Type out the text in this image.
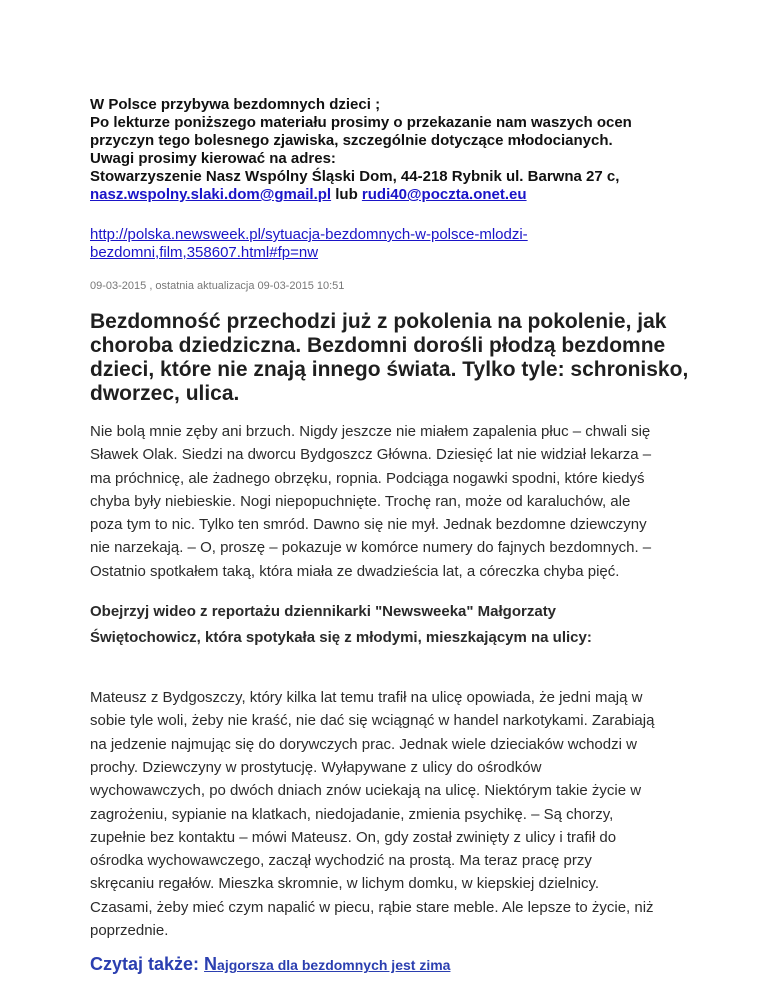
W Polsce przybywa bezdomnych dzieci ;
Po lekturze poniższego materiału prosimy o przekazanie nam waszych ocen
przyczyn tego bolesnego zjawiska, szczególnie dotyczące młodocianych.
Uwagi prosimy kierować na adres:
Stowarzyszenie Nasz Wspólny Śląski Dom, 44-218 Rybnik ul. Barwna 27 c,
nasz.wspolny.slaki.dom@gmail.pl lub rudi40@poczta.onet.eu
http://polska.newsweek.pl/sytuacja-bezdomnych-w-polsce-mlodzi-
bezdomni,film,358607.html#fp=nw
09-03-2015 , ostatnia aktualizacja 09-03-2015 10:51
Bezdomność przechodzi już z pokolenia na pokolenie, jak
choroba dziedziczna. Bezdomni dorośli płodzą bezdomne
dzieci, które nie znają innego świata. Tylko tyle: schronisko,
dworzec, ulica.
Nie bolą mnie zęby ani brzuch. Nigdy jeszcze nie miałem zapalenia płuc – chwali się
Sławek Olak. Siedzi na dworcu Bydgoszcz Główna. Dziesięć lat nie widział lekarza –
ma próchnicę, ale żadnego obrzęku, ropnia. Podciąga nogawki spodni, które kiedyś
chyba były niebieskie. Nogi niepopuchnięte. Trochę ran, może od karaluchów, ale
poza tym to nic. Tylko ten smród. Dawno się nie mył. Jednak bezdomne dziewczyny
nie narzekają. – O, proszę – pokazuje w komórce numery do fajnych bezdomnych. –
Ostatnio spotkałem taką, która miała ze dwadzieścia lat, a córeczka chyba pięć.
Obejrzyj wideo z reportażu dziennikarki "Newsweeka" Małgorzaty
Świętochowicz, która spotykała się z młodymi, mieszkającym na ulicy:
Mateusz z Bydgoszczy, który kilka lat temu trafił na ulicę opowiada, że jedni mają w
sobie tyle woli, żeby nie kraść, nie dać się wciągnąć w handel narkotykami. Zarabiają
na jedzenie najmując się do dorywczych prac. Jednak wiele dzieciaków wchodzi w
prochy. Dziewczyny w prostytucję. Wyłapywane z ulicy do ośrodków
wychowawczych, po dwóch dniach znów uciekają na ulicę. Niektórym takie życie w
zagrożeniu, sypianie na klatkach, niedojadanie, zmienia psychikę. – Są chorzy,
zupełnie bez kontaktu – mówi Mateusz. On, gdy został zwinięty z ulicy i trafił do
ośrodka wychowawczego, zaczął wychodzić na prostą. Ma teraz pracę przy
skręcaniu regałów. Mieszka skromnie, w lichym domku, w kiepskiej dzielnicy.
Czasami, żeby mieć czym napalić w piecu, rąbie stare meble. Ale lepsze to życie, niż
poprzednie.
Czytaj także: Najgorsza dla bezdomnych jest zima
